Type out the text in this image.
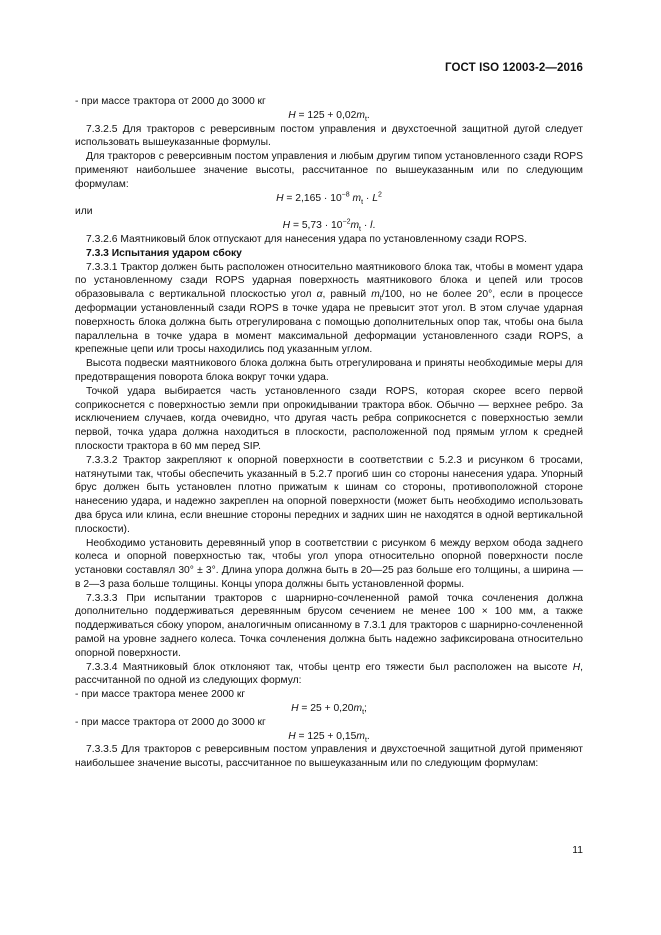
ГОСТ ISO 12003-2—2016

- при массе трактора от 2000 до 3000 кг

$H = 125 + 0,02m_t$.

7.3.2.5 Для тракторов с реверсивным постом управления и двухстоечной защитной дугой следует использовать вышеуказанные формулы.

Для тракторов с реверсивным постом управления и любым другим типом установленного сзади ROPS применяют наибольшее значение высоты, рассчитанное по вышеуказанным или по следующим формулам:

$H = 2,165 \cdot 10^{-8}$ $m_t \cdot L^2$

или

$H = 5,73 \cdot 10^{-2}m_t \cdot l$.

7.3.2.6 Маятниковый блок отпускают для нанесения удара по установленному сзади ROPS.

7.3.3 Испытания ударом сбоку

7.3.3.1 Трактор должен быть расположен относительно маятникового блока так, чтобы в момент удара по установленному сзади ROPS ударная поверхность маятникового блока и цепей или тросов образовывала с вертикальной плоскостью угол α, равный $m_t/100$, но не более 20°, если в процессе деформации установленный сзади ROPS в точке удара не превысит этот угол. В этом случае ударная поверхность блока должна быть отрегулирована с помощью дополнительных опор так, чтобы она была параллельна в точке удара в момент максимальной деформации установленного сзади ROPS, а крепежные цепи или тросы находились под указанным углом.

Высота подвески маятникового блока должна быть отрегулирована и приняты необходимые меры для предотвращения поворота блока вокруг точки удара.

Точкой удара выбирается часть установленного сзади ROPS, которая скорее всего первой соприкоснется с поверхностью земли при опрокидывании трактора вбок. Обычно — верхнее ребро. За исключением случаев, когда очевидно, что другая часть ребра соприкоснется с поверхностью земли первой, точка удара должна находиться в плоскости, расположенной под прямым углом к средней плоскости трактора в 60 мм перед SIP.

7.3.3.2 Трактор закрепляют к опорной поверхности в соответствии с 5.2.3 и рисунком 6 тросами, натянутыми так, чтобы обеспечить указанный в 5.2.7 прогиб шин со стороны нанесения удара. Упорный брус должен быть установлен плотно прижатым к шинам со стороны, противоположной стороне нанесению удара, и надежно закреплен на опорной поверхности (может быть необходимо использовать два бруса или клина, если внешние стороны передних и задних шин не находятся в одной вертикальной плоскости).

Необходимо установить деревянный упор в соответствии с рисунком 6 между верхом обода заднего колеса и опорной поверхностью так, чтобы угол упора относительно опорной поверхности после установки составлял 30° ± 3°. Длина упора должна быть в 20—25 раз больше его толщины, а ширина — в 2—3 раза больше толщины. Концы упора должны быть установленной формы.

7.3.3.3 При испытании тракторов с шарнирно-сочлененной рамой точка сочленения должна дополнительно поддерживаться деревянным брусом сечением не менее 100 × 100 мм, а также поддерживаться сбоку упором, аналогичным описанному в 7.3.1 для тракторов с шарнирно-сочлененной рамой на уровне заднего колеса. Точка сочленения должна быть надежно зафиксирована относительно опорной поверхности.

7.3.3.4 Маятниковый блок отклоняют так, чтобы центр его тяжести был расположен на высоте H, рассчитанной по одной из следующих формул:

- при массе трактора менее 2000 кг

$H = 25 + 0,20m_t$;

- при массе трактора от 2000 до 3000 кг

$H = 125 + 0,15m_t$.

7.3.3.5 Для тракторов с реверсивным постом управления и двухстоечной защитной дугой применяют наибольшее значение высоты, рассчитанное по вышеуказанным или по следующим формулам:

11
